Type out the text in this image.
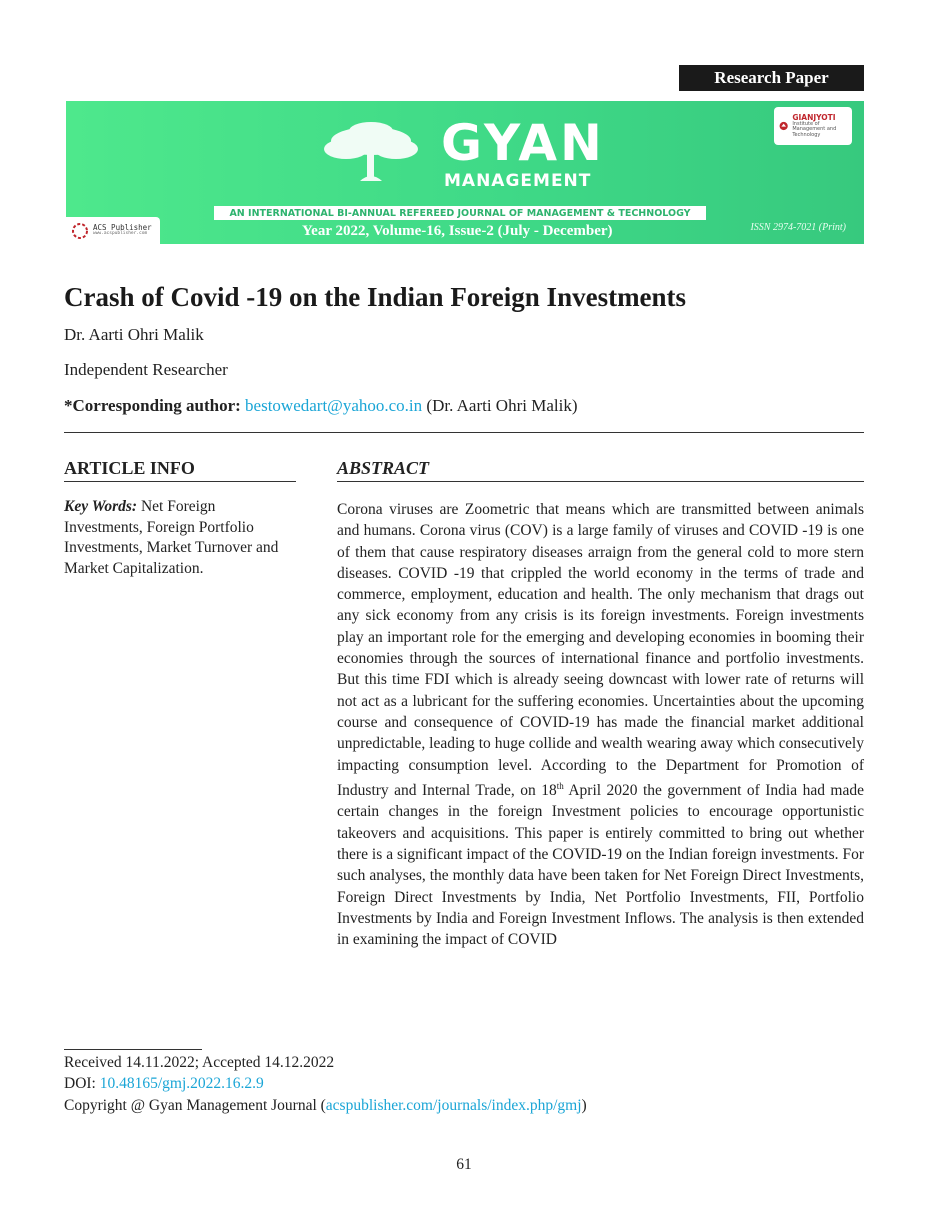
Research Paper
GYAN
MANAGEMENT
AN INTERNATIONAL BI-ANNUAL REFEREED JOURNAL OF MANAGEMENT & TECHNOLOGY
Year 2022, Volume-16, Issue-2 (July - December)	ISSN 2974-7021 (Print)
GIANJYOTI
Institute of Management and Technology
ACS Publisher
www.acspublisher.com
Crash of Covid -19 on the Indian Foreign Investments
Dr. Aarti Ohri Malik
Independent Researcher
*Corresponding author: bestowedart@yahoo.co.in (Dr. Aarti Ohri Malik)
ARTICLE INFO	ABSTRACT
Key Words: Net Foreign Investments, Foreign Portfolio Investments, Market Turnover and Market Capitalization.
Corona viruses are Zoometric that means which are transmitted between animals and humans. Corona virus (COV) is a large family of viruses and COVID -19 is one of them that cause respiratory diseases arraign from the general cold to more stern diseases. COVID -19 that crippled the world economy in the terms of trade and commerce, employment, education and health. The only mechanism that drags out any sick economy from any crisis is its foreign investments. Foreign investments play an important role for the emerging and developing economies in booming their economies through the sources of international finance and portfolio investments. But this time FDI which is already seeing downcast with lower rate of returns will not act as a lubricant for the suffering economies. Uncertainties about the upcoming course and consequence of COVID-19 has made the financial market additional unpredictable, leading to huge collide and wealth wearing away which consecutively impacting consumption level. According to the Department for Promotion of Industry and Internal Trade, on 18th April 2020 the government of India had made certain changes in the foreign Investment policies to encourage opportunistic takeovers and acquisitions. This paper is entirely committed to bring out whether there is a significant impact of the COVID-19 on the Indian foreign investments. For such analyses, the monthly data have been taken for Net Foreign Direct Investments, Foreign Direct Investments by India, Net Portfolio Investments, FII, Portfolio Investments by India and Foreign Investment Inflows. The analysis is then extended in examining the impact of COVID
Received 14.11.2022; Accepted 14.12.2022
DOI: 10.48165/gmj.2022.16.2.9
Copyright @ Gyan Management Journal (acspublisher.com/journals/index.php/gmj)
61
